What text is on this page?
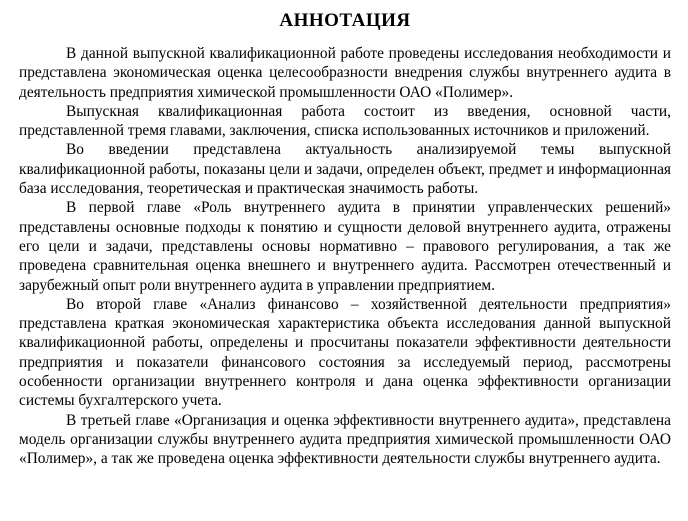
АННОТАЦИЯ

В данной выпускной квалификационной работе проведены исследования необходимости и представлена экономическая оценка целесообразности внедрения службы внутреннего аудита в деятельность предприятия химической промышленности ОАО «Полимер».

Выпускная квалификационная работа состоит из введения, основной части, представленной тремя главами, заключения, списка использованных источников и приложений.

Во введении представлена актуальность анализируемой темы выпускной квалификационной работы, показаны цели и задачи, определен объект, предмет и информационная база исследования, теоретическая и практическая значимость работы.

В первой главе «Роль внутреннего аудита в принятии управленческих решений» представлены основные подходы к понятию и сущности деловой внутреннего аудита, отражены его цели и задачи, представлены основы нормативно – правового регулирования, а так же проведена сравнительная оценка внешнего и внутреннего аудита. Рассмотрен отечественный и зарубежный опыт роли внутреннего аудита в управлении предприятием.

Во второй главе «Анализ финансово – хозяйственной деятельности предприятия» представлена краткая экономическая характеристика объекта исследования данной выпускной квалификационной работы, определены и просчитаны показатели эффективности деятельности предприятия и показатели финансового состояния за исследуемый период, рассмотрены особенности организации внутреннего контроля и дана оценка эффективности организации системы бухгалтерского учета.

В третьей главе «Организация и оценка эффективности внутреннего аудита», представлена модель организации службы внутреннего аудита предприятия химической промышленности ОАО «Полимер», а так же проведена оценка эффективности деятельности службы внутреннего аудита.
